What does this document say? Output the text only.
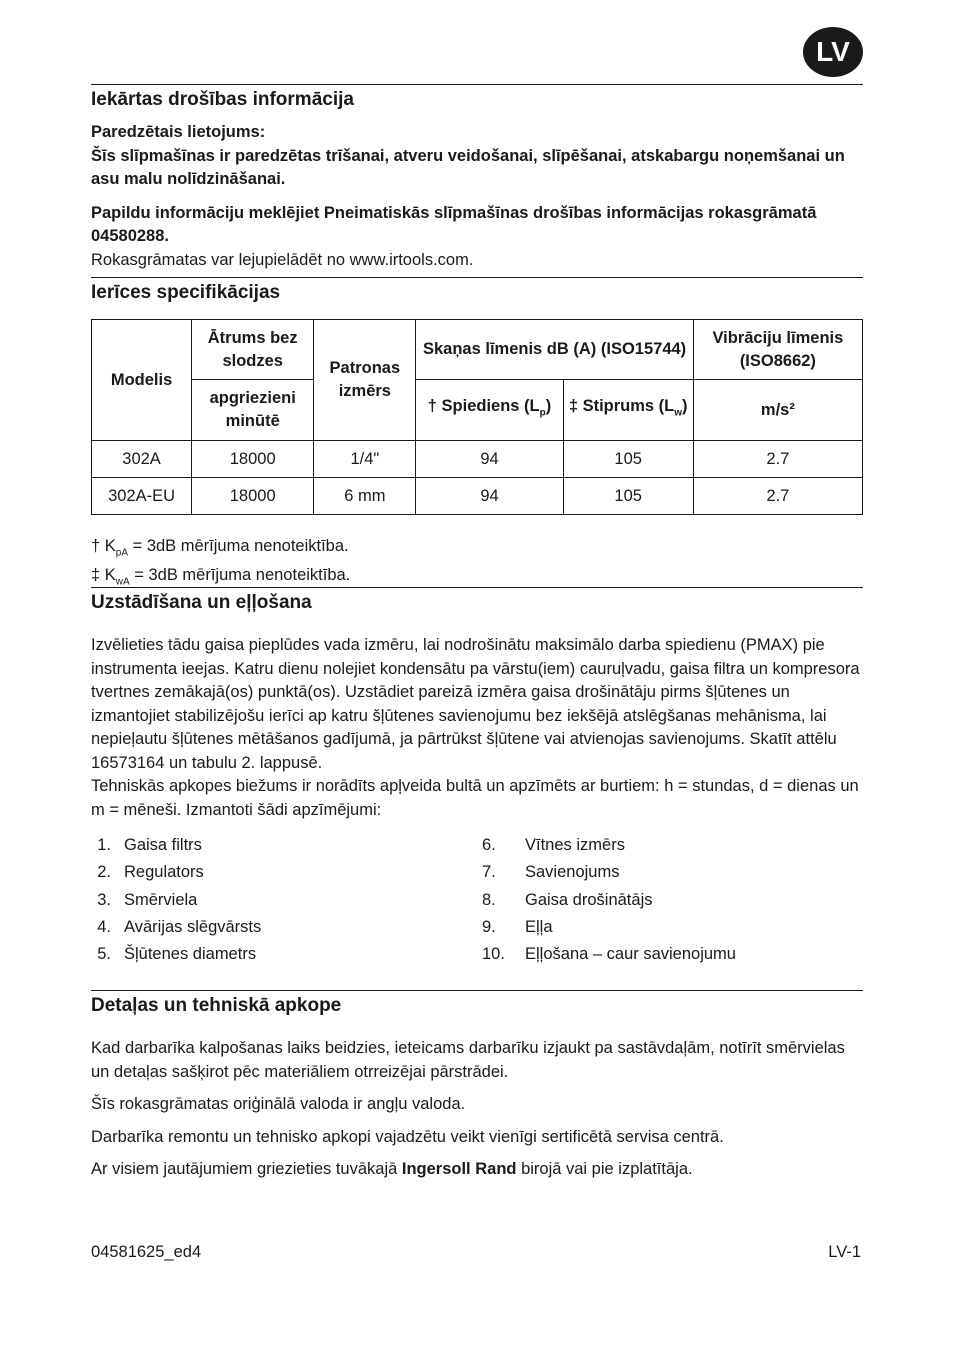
LV
Iekārtas drošības informācija

Paredzētais lietojums:

Šīs slīpmašīnas ir paredzētas trīšanai, atveru veidošanai, slīpēšanai, atskabargu noņemšanai un asu malu nolīdzināšanai.

Papildu informāciju meklējiet Pneimatiskās slīpmašīnas drošības informācijas rokasgrāmatā 04580288.

Rokasgrāmatas var lejupielādēt no www.irtools.com.

Ierīces specifikācijas
Modelis	Ātrums bez slodzes	Patronas izmērs	Skaņas līmenis dB (A) (ISO15744)		Vibrāciju līmenis (ISO8662)
	apgriezieni minūtē		† Spiediens $(L_p)$	‡ Stiprums $(L_w)$	m/s²
302A	18000	1/4"	94	105	2.7
302A-EU	18000	6 mm	94	105	2.7
† $K_{pA} = 3dB$ mērījuma nenoteiktība.
‡ $K_{wA} = 3dB$ mērījuma nenoteiktība.
Uzstādīšana un eļļošana

Izvēlieties tādu gaisa pieplūdes vada izmēru, lai nodrošinātu maksimālo darba spiedienu (PMAX) pie instrumenta ieejas. Katru dienu nolejiet kondensātu pa vārstu(iem) cauruļvadu, gaisa filtra un kompresora tvertnes zemākajā(os) punktā(os). Uzstādiet pareizā izmēra gaisa drošinātāju pirms šļūtenes un izmantojiet stabilizējošu ierīci ap katru šļūtenes savienojumu bez iekšējā atslēgšanas mehānisma, lai nepieļautu šļūtenes mētāšanos gadījumā, ja pārtrūkst šļūtene vai atvienojas savienojums. Skatīt attēlu 16573164 un tabulu 2. lappusē.

Tehniskās apkopes biežums ir norādīts apļveida bultā un apzīmēts ar burtiem: h = stundas, d = dienas un m = mēneši. Izmantoti šādi apzīmējumi:

1. Gaisa filtrs
2. Regulators
3. Smērviela
4. Avārijas slēgvārsts
5. Šļūtenes diametrs
6.	Vītnes izmērs
7.	Savienojums
8.	Gaisa drošinātājs
9.	Eļļa
10. Eļļošana – caur savienojumu
Detaļas un tehniskā apkope

Kad darbarīka kalpošanas laiks beidzies, ieteicams darbarīku izjaukt pa sastāvdaļām, notīrīt smērvielas un detaļas sašķirot pēc materiāliem otrreizējai pārstrādei.

Šīs rokasgrāmatas oriģinālā valoda ir angļu valoda.

Darbarīka remontu un tehnisko apkopi vajadzētu veikt vienīgi sertificētā servisa centrā.

Ar visiem jautājumiem griezieties tuvākajā Ingersoll Rand birojā vai pie izplatītāja.

04581625_ed4	LV-1
